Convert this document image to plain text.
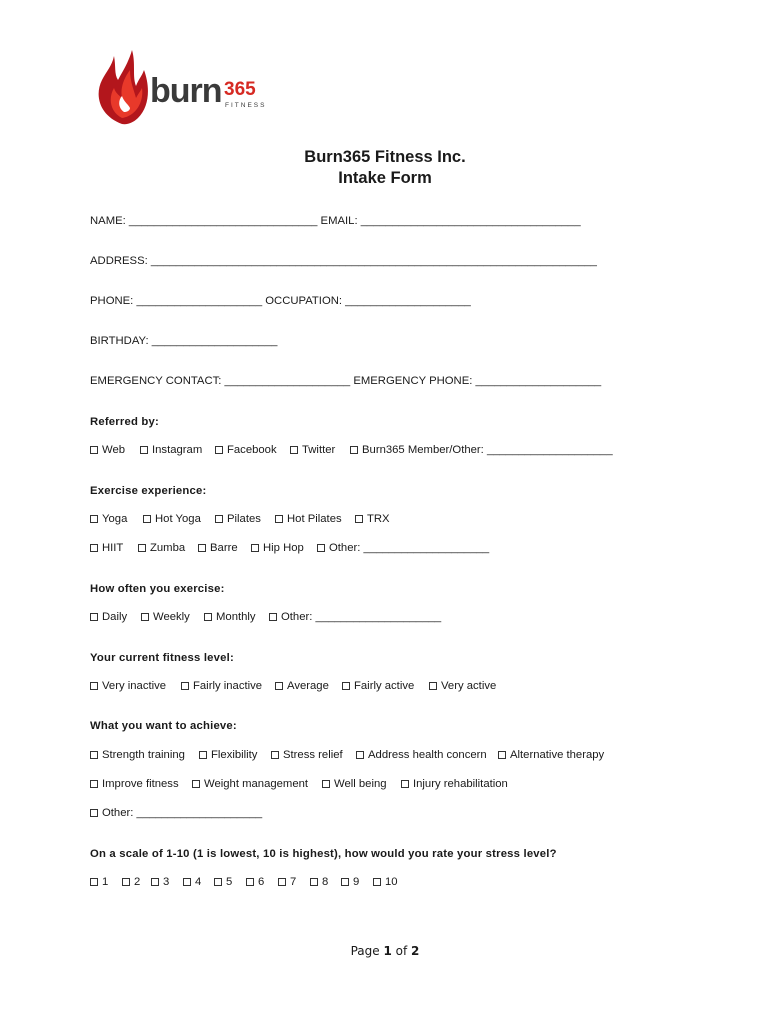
burn 365
FITNESS
Burn365 Fitness Inc.
Intake Form
NAME: ______________________________ EMAIL: ___________________________________
ADDRESS: _______________________________________________________________________
PHONE: ____________________ OCCUPATION: ____________________
BIRTHDAY: ____________________
EMERGENCY CONTACT: ____________________ EMERGENCY PHONE: ____________________
Referred by:
Web	Instagram	Facebook	Twitter	Burn365 Member/Other: ____________________
Exercise experience:
Yoga	Hot Yoga	Pilates	Hot Pilates	TRX
HIIT	Zumba	Barre	Hip Hop	Other: ____________________
How often you exercise:
Daily	Weekly	Monthly	Other: ____________________
Your current fitness level:
Very inactive	Fairly inactive	Average	Fairly active	Very active
What you want to achieve:
Strength training	Flexibility	Stress relief	Address health concern	Alternative therapy
Improve fitness	Weight management	Well being	Injury rehabilitation
Other: ____________________
On a scale of 1-10 (1 is lowest, 10 is highest), how would you rate your stress level?
1	2	3	4	5	6	7	8	9	10
Page 1 of 2
